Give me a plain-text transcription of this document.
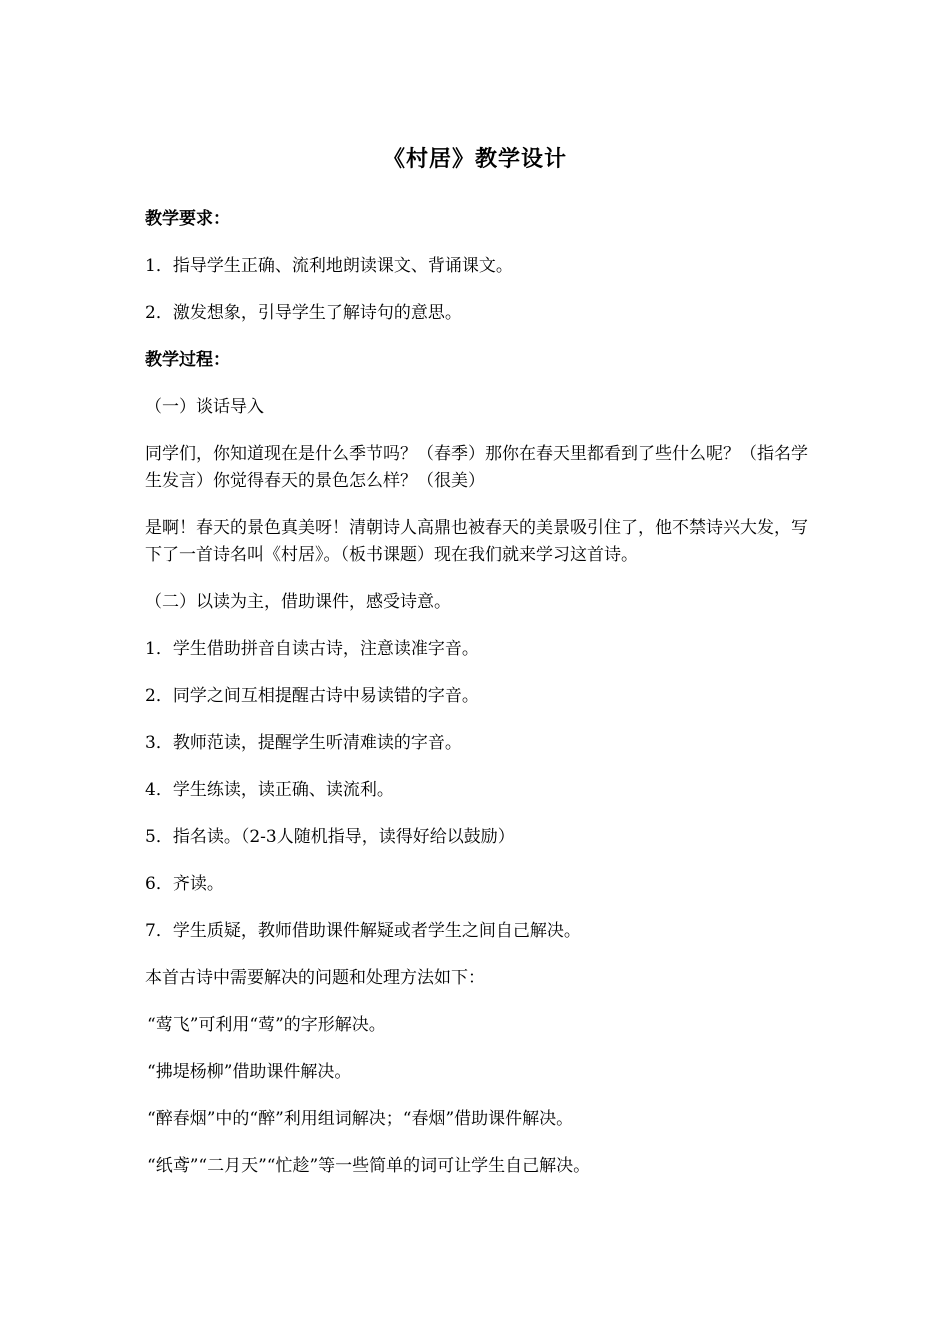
《村居》教学设计

教学要求：

1．指导学生正确、流利地朗读课文、背诵课文。

2．激发想象，引导学生了解诗句的意思。

教学过程：

（一）谈话导入

同学们，你知道现在是什么季节吗？（春季）那你在春天里都看到了些什么呢？（指名学生发言）你觉得春天的景色怎么样？（很美）

是啊！春天的景色真美呀！清朝诗人高鼎也被春天的美景吸引住了，他不禁诗兴大发，写下了一首诗名叫《村居》。（板书课题）现在我们就来学习这首诗。

（二）以读为主，借助课件，感受诗意。

1．学生借助拼音自读古诗，注意读准字音。

2．同学之间互相提醒古诗中易读错的字音。

3．教师范读，提醒学生听清难读的字音。

4．学生练读，读正确、读流利。

5．指名读。（2-3人随机指导，读得好给以鼓励）

6．齐读。

7．学生质疑，教师借助课件解疑或者学生之间自己解决。

本首古诗中需要解决的问题和处理方法如下：

“莺飞”可利用“莺”的字形解决。

“拂堤杨柳”借助课件解决。

“醉春烟”中的“醉”利用组词解决；“春烟”借助课件解决。

“纸鸢”“二月天”“忙趁”等一些简单的词可让学生自己解决。
